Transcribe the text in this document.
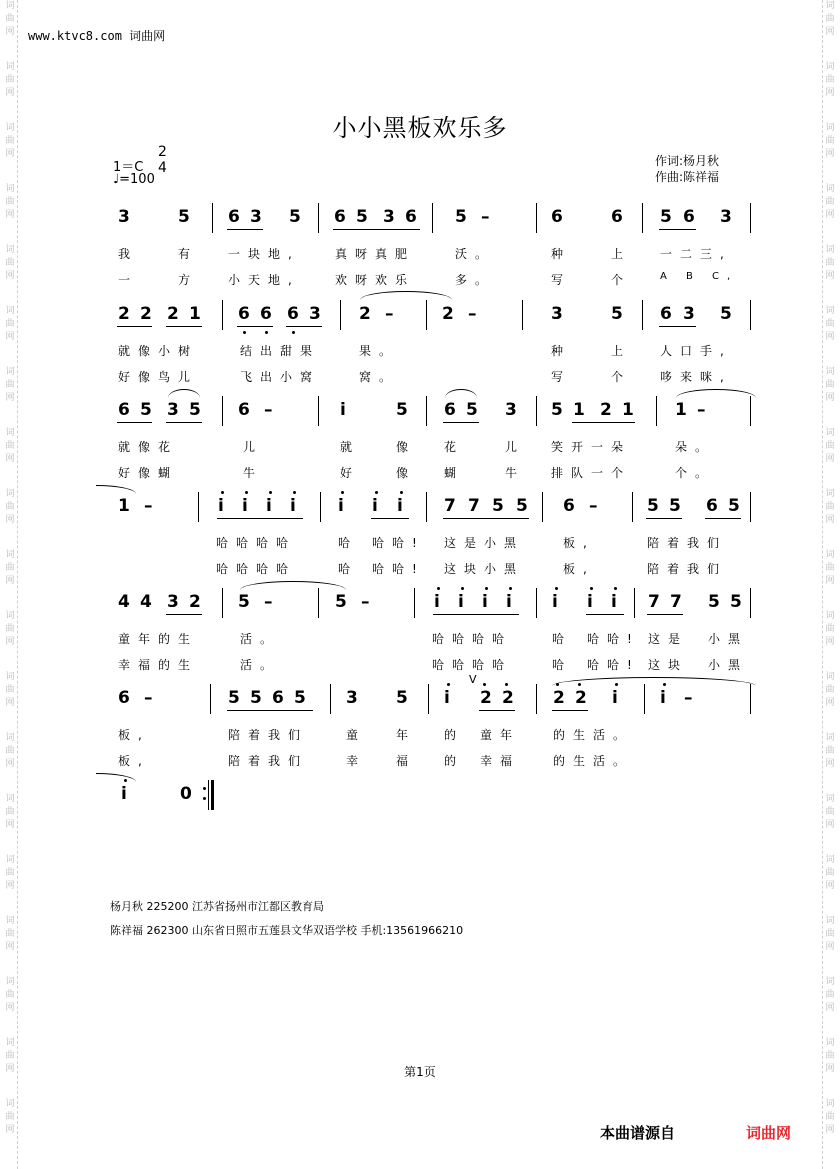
词
曲
网
词
曲
网
词
曲
网
词
曲
网
词
曲
网
词
曲
网
词
曲
网
词
曲
网
词
曲
网
词
曲
网
词
曲
网
词
曲
网
词
曲
网
词
曲
网
词
曲
网
词
曲
网
词
曲
网
词
曲
网
词
曲
网
词
曲
网
词
曲
网
词
曲
网
词
曲
网
词
曲
网
词
曲
网
词
曲
网
词
曲
网
词
曲
网
词
曲
网
词
曲
网
词
曲
网
词
曲
网
词
曲
网
词
曲
网
词
曲
网
词
曲
网
词
曲
网
词
曲
网
www.ktvc8.com 词曲网
小小黑板欢乐多
1＝C
2
4
♩=100
作词:杨月秋
作曲:陈祥福
3	5 6 3 5 6 5 3 6 5 –	6	6 5 6 3
我	有 一块地,	真呀真肥	沃。	种	上 一二三,
一	方 小天地,	欢呀欢乐	多。	写	个	A B C,
2 2 2 1 6 6 6 3 2 –	2 –	3	5 6 3 5
就像小树	结出甜果	果。	种	上 人口手,
好像鸟儿	飞出小窝	窝。	写	个 哆来咪,
6 5 3 5 6 –	i	5 6 5 3 5 1 2 1 1 –
就像花	儿	就	像 花	儿 笑开一朵	朵。
好像蝴	牛	好	像 蝴	牛 排队一个	个。
1 –	i i i i i i i 7 7 5 5 6 –	5 5 6 5
哈哈哈哈	哈 哈哈! 这是小黑	板,	陪着我们
哈哈哈哈	哈 哈哈! 这块小黑	板,	陪着我们
4 4 3 2 5 –	5 –	i i i i i i i 7 7 5 5
童年的生	活。	哈哈哈哈	哈 哈哈! 这是 小黑
幸福的生	活。	哈哈哈哈	哈 哈哈! 这块 小黑
6 –	5 5 6 5 3 5 i 2 2 2 2 i i –
V
板,	陪着我们	童 年 的 童年	的生活。
板,	陪着我们	幸 福 的 幸福	的生活。
i	0
杨月秋 225200 江苏省扬州市江都区教育局
陈祥福 262300 山东省日照市五莲县文华双语学校 手机:13561966210
第1页
本曲谱源自	词曲网
